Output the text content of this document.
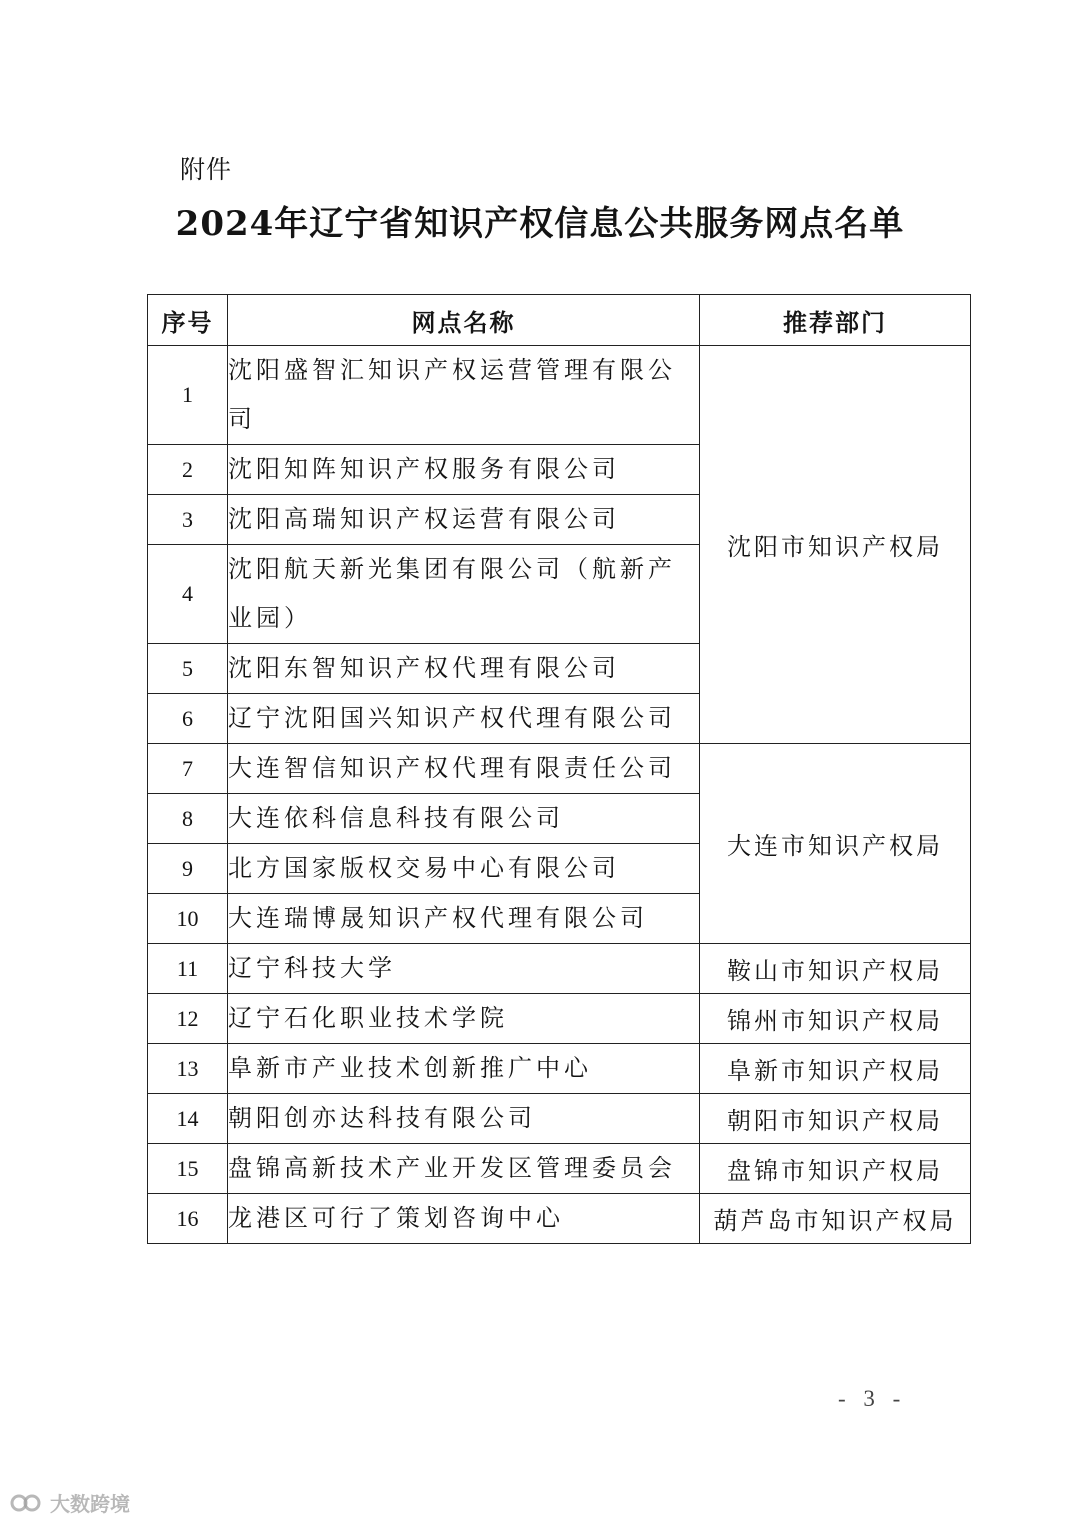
附件
2024年辽宁省知识产权信息公共服务网点名单
序号	网点名称	推荐部门
1	沈阳盛智汇知识产权运营管理有限公司	沈阳市知识产权局
2	沈阳知阵知识产权服务有限公司	
3	沈阳高瑞知识产权运营有限公司	
4	沈阳航天新光集团有限公司（航新产业园）	
5	沈阳东智知识产权代理有限公司	
6	辽宁沈阳国兴知识产权代理有限公司	
7	大连智信知识产权代理有限责任公司	大连市知识产权局
8	大连依科信息科技有限公司	
9	北方国家版权交易中心有限公司	
10	大连瑞博晟知识产权代理有限公司	
11	辽宁科技大学	鞍山市知识产权局
12	辽宁石化职业技术学院	锦州市知识产权局
13	阜新市产业技术创新推广中心	阜新市知识产权局
14	朝阳创亦达科技有限公司	朝阳市知识产权局
15	盘锦高新技术产业开发区管理委员会	盘锦市知识产权局
16	龙港区可行了策划咨询中心	葫芦岛市知识产权局
- 3 -
大数跨境
